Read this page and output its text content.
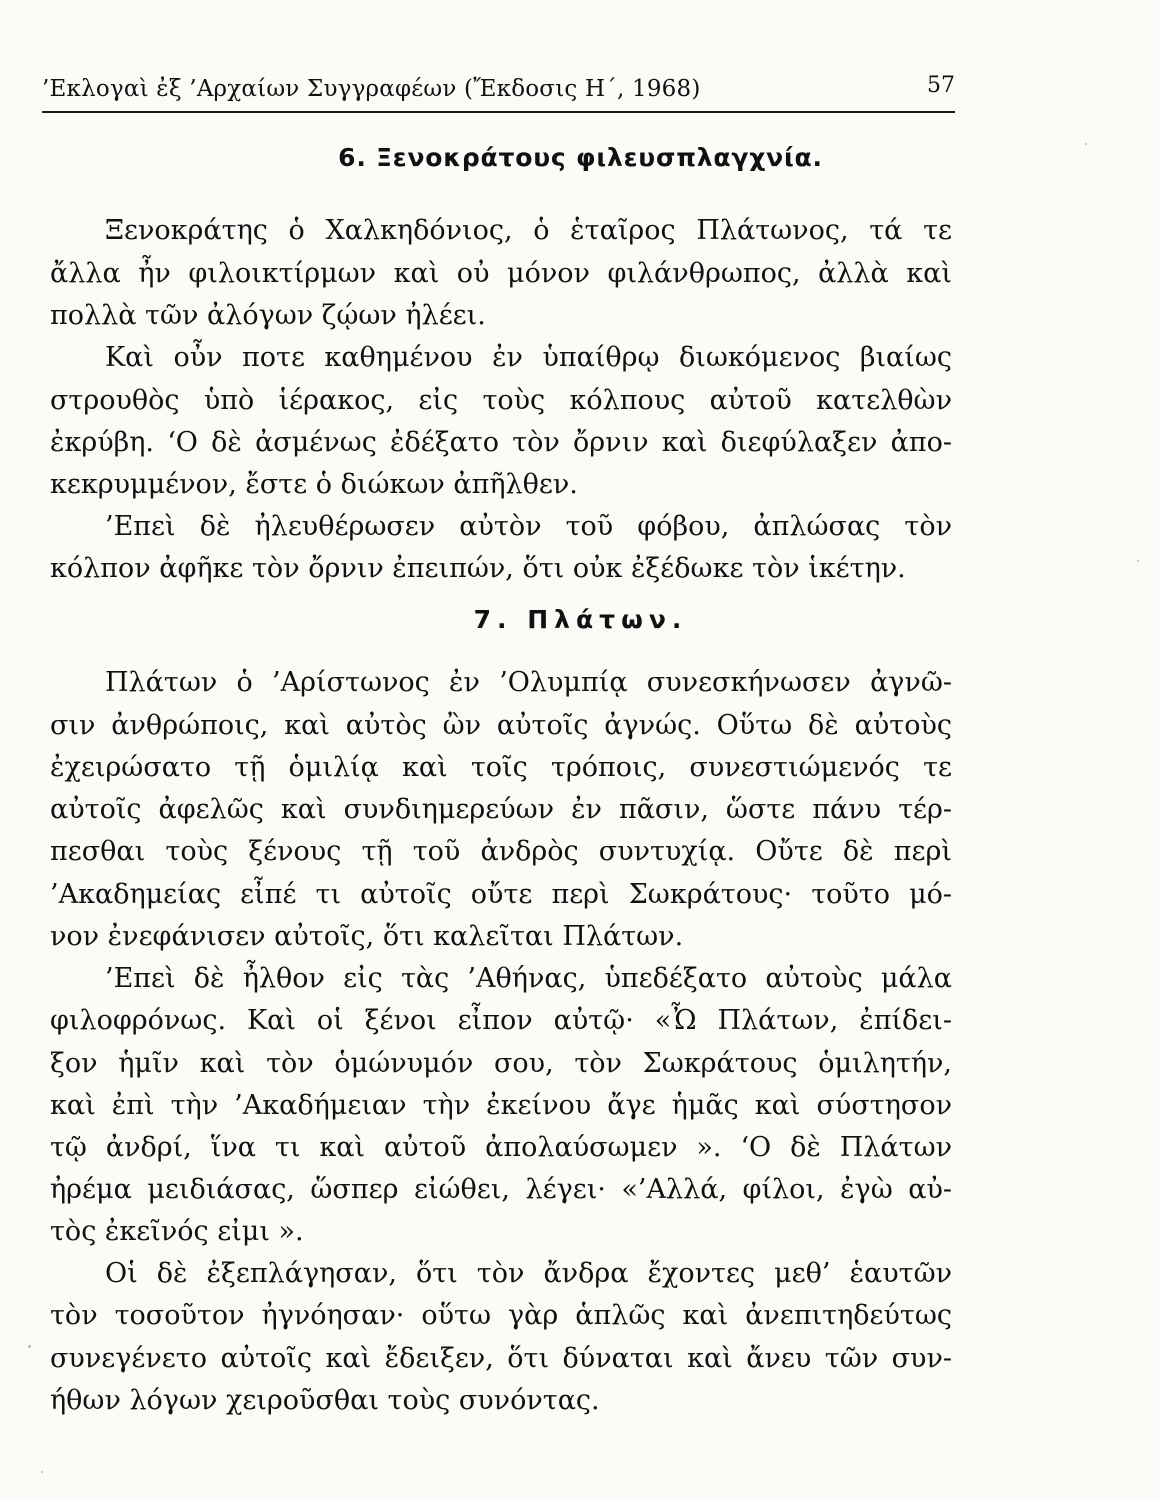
’Εκλογαὶ ἐξ ’Αρχαίων Συγγραφέων (Ἔκδοσις Η΄, 1968)	57
6. Ξενοκράτους φιλευσπλαγχνία.
Ξενοκράτης ὁ Χαλκηδόνιος, ὁ ἑταῖρος Πλάτωνος, τά τε
ἄλλα ἦν φιλοικτίρμων καὶ οὐ μόνον φιλάνθρωπος, ἀλλὰ καὶ
πολλὰ τῶν ἀλόγων ζῴων ἠλέει.
Καὶ οὖν ποτε καθημένου ἐν ὑπαίθρῳ διωκόμενος βιαίως
στρουθὸς ὑπὸ ἱέρακος, εἰς τοὺς κόλπους αὐτοῦ κατελθὼν
ἐκρύβη. ‘Ο δὲ ἀσμένως ἐδέξατο τὸν ὄρνιν καὶ διεφύλαξεν ἀπο-
κεκρυμμένον, ἔστε ὁ διώκων ἀπῆλθεν.
’Επεὶ δὲ ἠλευθέρωσεν αὐτὸν τοῦ φόβου, ἀπλώσας τὸν
κόλπον ἀφῆκε τὸν ὄρνιν ἐπειπών, ὅτι οὐκ ἐξέδωκε τὸν ἱκέτην.
7. Πλάτων.
Πλάτων ὁ ’Αρίστωνος ἐν ’Ολυμπίᾳ συνεσκήνωσεν ἀγνῶ-
σιν ἀνθρώποις, καὶ αὐτὸς ὢν αὐτοῖς ἀγνώς. Οὕτω δὲ αὐτοὺς
ἐχειρώσατο τῇ ὁμιλίᾳ καὶ τοῖς τρόποις, συνεστιώμενός τε
αὐτοῖς ἀφελῶς καὶ συνδιημερεύων ἐν πᾶσιν, ὥστε πάνυ τέρ-
πεσθαι τοὺς ξένους τῇ τοῦ ἀνδρὸς συντυχίᾳ. Οὔτε δὲ περὶ
’Ακαδημείας εἶπέ τι αὐτοῖς οὔτε περὶ Σωκράτους· τοῦτο μό-
νον ἐνεφάνισεν αὐτοῖς, ὅτι καλεῖται Πλάτων.
’Επεὶ δὲ ἦλθον εἰς τὰς ’Αθήνας, ὑπεδέξατο αὐτοὺς μάλα
φιλοφρόνως. Καὶ οἱ ξένοι εἶπον αὐτῷ· «Ὦ Πλάτων, ἐπίδει-
ξον ἡμῖν καὶ τὸν ὁμώνυμόν σου, τὸν Σωκράτους ὁμιλητήν,
καὶ ἐπὶ τὴν ’Ακαδήμειαν τὴν ἐκείνου ἄγε ἡμᾶς καὶ σύστησον
τῷ ἀνδρί, ἵνα τι καὶ αὐτοῦ ἀπολαύσωμεν ». ‘Ο δὲ Πλάτων
ἠρέμα μειδιάσας, ὥσπερ εἰώθει, λέγει· «’Αλλά, φίλοι, ἐγὼ αὐ-
τὸς ἐκεῖνός εἰμι ».
Οἱ δὲ ἐξεπλάγησαν, ὅτι τὸν ἄνδρα ἔχοντες μεθ’ ἑαυτῶν
τὸν τοσοῦτον ἠγνόησαν· οὕτω γὰρ ἁπλῶς καὶ ἀνεπιτηδεύτως
συνεγένετο αὐτοῖς καὶ ἔδειξεν, ὅτι δύναται καὶ ἄνευ τῶν συν-
ήθων λόγων χειροῦσθαι τοὺς συνόντας.
